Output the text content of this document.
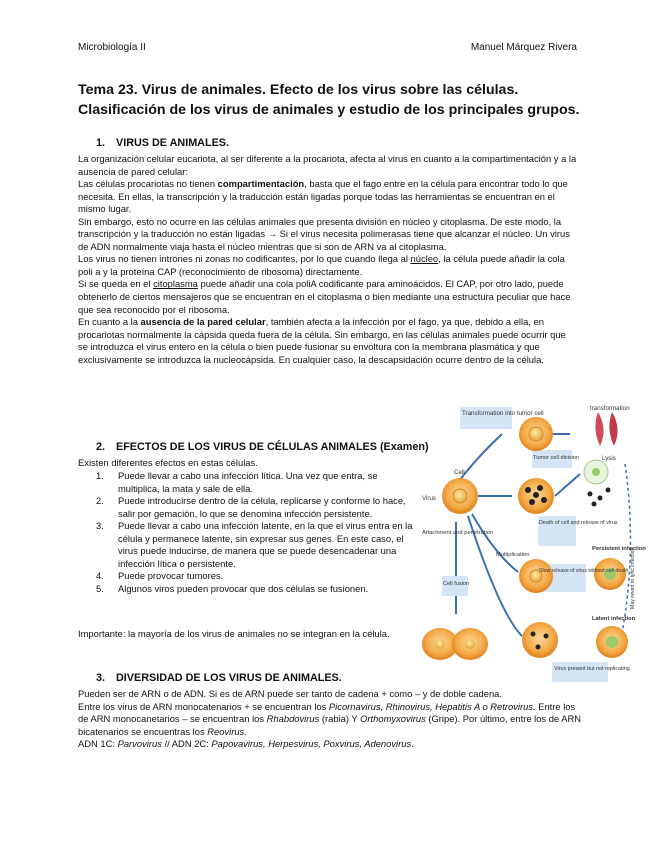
Microbiología II	Manuel Márquez Rivera
Tema 23. Virus de animales. Efecto de los virus sobre las células.
Clasificación de los virus de animales y estudio de los principales grupos.
1. VIRUS DE ANIMALES.

La organización celular eucariota, al ser diferente a la procariota, afecta al virus en cuanto a la compartimentación y a la ausencia de pared celular:

Las células procariotas no tienen compartimentación, basta que el fago entre en la célula para encontrar todo lo que necesita. En ellas, la transcripción y la traducción están ligadas porque todas las herramientas se encuentran en el mismo lugar.

Sin embargo, esto no ocurre en las células animales que presenta división en núcleo y citoplasma. De este modo, la transcripción y la traducción no están ligadas → Si el virus necesita polimerasas tiene que alcanzar el núcleo. Un virus de ADN normalmente viaja hasta el núcleo mientras que si son de ARN va al citoplasma.

Los virus no tienen intrones ni zonas no codificantes, por lo que cuando llega al núcleo, la célula puede añadir la cola poli a y la proteína CAP (reconocimiento de ribosoma) directamente.

Si se queda en el citoplasma puede añadir una cola poliA codificante para aminoácidos. El CAP, por otro lado, puede obtenerlo de ciertos mensajeros que se encuentran en el citoplasma o bien mediante una estructura peculiar que hace que sea reconocido por el ribosoma.

En cuanto a la ausencia de la pared celular, también afecta a la infección por el fago, ya que, debido a ella, en procariotas normalmente la cápsida queda fuera de la célula. Sin embargo, en las células animales puede ocurrir que se introduzca el virus entero en la célula o bien puede fusionar su envoltura con la membrana plasmática y que exclusivamente se introduzca la nucleocápsida. En cualquier caso, la descapsidación ocurre dentro de la célula.

2. EFECTOS DE LOS VIRUS DE CÉLULAS ANIMALES (Examen)
Existen diferentes efectos en estas células.
1. Puede llevar a cabo una infección lítica. Una vez que entra, se multiplica, la mata y sale de ella.
2. Puede introducirse dentro de la célula, replicarse y conforme lo hace, salir por gemación, lo que se denomina infección persistente.
3. Puede llevar a cabo una infección latente, en la que el virus entra en la célula y permanece latente, sin expresar sus genes. En este caso, el virus puede inducirse, de manera que se puede desencadenar una infección lítica o persistente.
4. Puede provocar tumores.
5. Algunos viros pueden provocar que dos células se fusionen.
Importante: la mayoría de los virus de animales no se integran en la célula.
transformation
Transformation into tumor cell
Tumor cell division	Lysis
Cell
Virus
Death of cell and release of virus
Attachment and penetration
Multiplication
Persistent infection
Slow release of virus without cell death
Cell fusion
Latent infection
Virus present but not replicating
May revert to lytic infection
3. DIVERSIDAD DE LOS VIRUS DE ANIMALES.

Pueden ser de ARN o de ADN. Si es de ARN puede ser tanto de cadena + como – y de doble cadena.

Entre los virus de ARN monocatenarios + se encuentran los Picornavirus, Rhinovirus, Hepatitis A o Retrovirus. Entre los de ARN monocanetarios – se encuentran los Rhabdovirus (rabia) Y Orthomyxovirus (Gripe). Por último, entre los de ARN bicatenarios se encuentras los Reovirus.

ADN 1C: Parvovirus // ADN 2C: Papovavirus, Herpesvirus, Poxvirus, Adenovirus.
